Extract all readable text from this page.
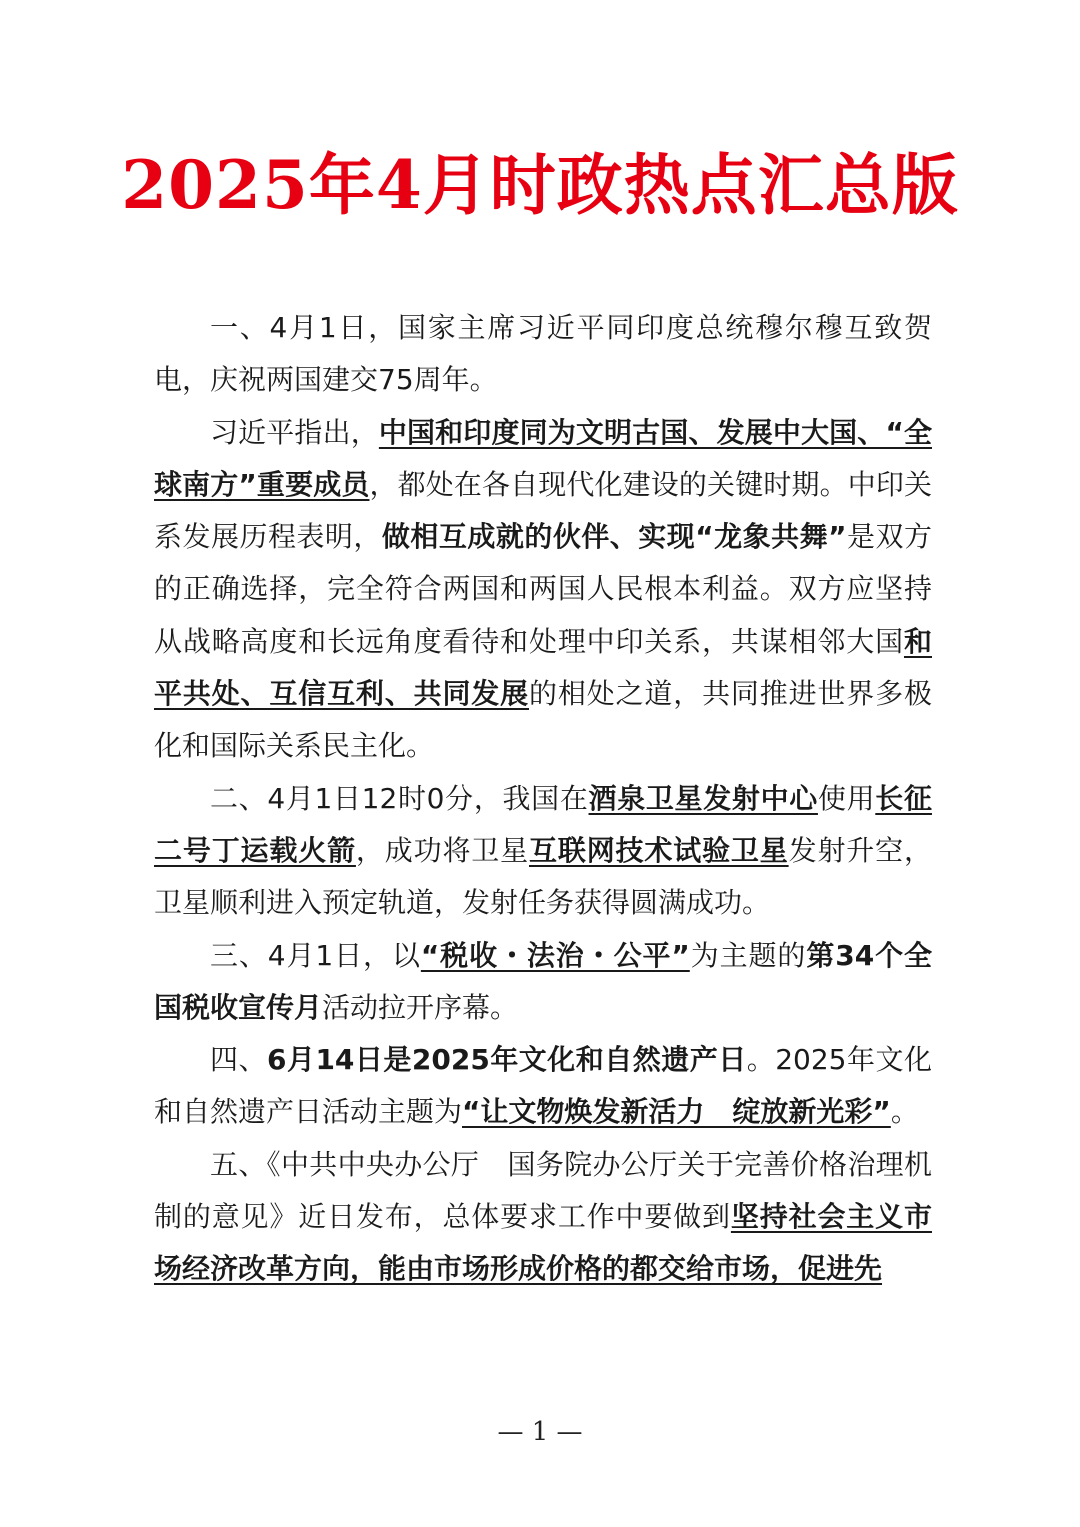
2025年4月时政热点汇总版

一、4月1日，国家主席习近平同印度总统穆尔穆互致贺电，庆祝两国建交75周年。

习近平指出，中国和印度同为文明古国、发展中大国、“全球南方”重要成员，都处在各自现代化建设的关键时期。中印关系发展历程表明，做相互成就的伙伴、实现“龙象共舞”是双方的正确选择，完全符合两国和两国人民根本利益。双方应坚持从战略高度和长远角度看待和处理中印关系，共谋相邻大国和平共处、互信互利、共同发展的相处之道，共同推进世界多极化和国际关系民主化。

二、4月1日12时0分，我国在酒泉卫星发射中心使用长征二号丁运载火箭，成功将卫星互联网技术试验卫星发射升空，卫星顺利进入预定轨道，发射任务获得圆满成功。

三、4月1日，以“税收・法治・公平”为主题的第34个全国税收宣传月活动拉开序幕。

四、6月14日是2025年文化和自然遗产日。2025年文化和自然遗产日活动主题为“让文物焕发新活力　绽放新光彩”。

五、《中共中央办公厅　国务院办公厅关于完善价格治理机制的意见》近日发布，总体要求工作中要做到坚持社会主义市场经济改革方向，能由市场形成价格的都交给市场，促进先

— 1 —
